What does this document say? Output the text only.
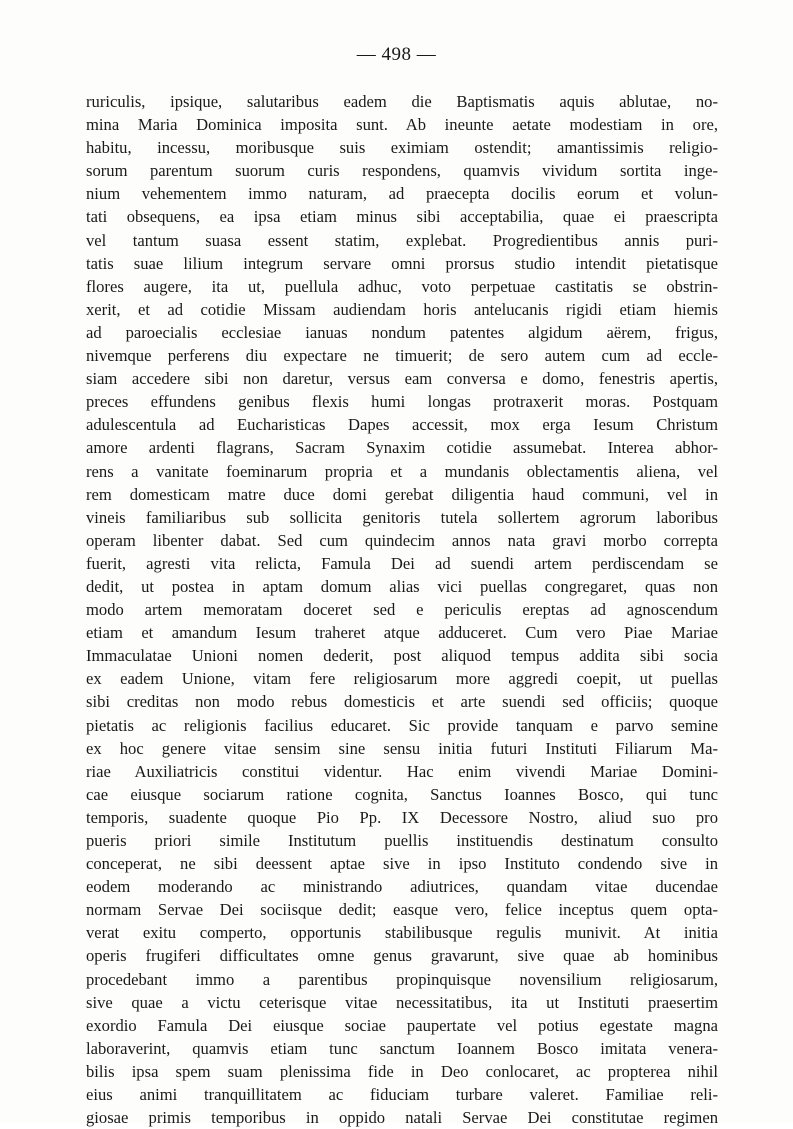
— 498 —
ruriculis, ipsique, salutaribus eadem die Baptismatis aquis ablutae, no-
mina Maria Dominica imposita sunt. Ab ineunte aetate modestiam in ore,
habitu, incessu, moribusque suis eximiam ostendit; amantissimis religio-
sorum parentum suorum curis respondens, quamvis vividum sortita inge-
nium vehementem immo naturam, ad praecepta docilis eorum et volun-
tati obsequens, ea ipsa etiam minus sibi acceptabilia, quae ei praescripta
vel tantum suasa essent statim, explebat. Progredientibus annis puri-
tatis suae lilium integrum servare omni prorsus studio intendit pietatisque
flores augere, ita ut, puellula adhuc, voto perpetuae castitatis se obstrin-
xerit, et ad cotidie Missam audiendam horis antelucanis rigidi etiam hiemis
ad paroecialis ecclesiae ianuas nondum patentes algidum aërem, frigus,
nivemque perferens diu expectare ne timuerit; de sero autem cum ad eccle-
siam accedere sibi non daretur, versus eam conversa e domo, fenestris apertis,
preces effundens genibus flexis humi longas protraxerit moras. Postquam
adulescentula ad Eucharisticas Dapes accessit, mox erga Iesum Christum
amore ardenti flagrans, Sacram Synaxim cotidie assumebat. Interea abhor-
rens a vanitate foeminarum propria et a mundanis oblectamentis aliena, vel
rem domesticam matre duce domi gerebat diligentia haud communi, vel in
vineis familiaribus sub sollicita genitoris tutela sollertem agrorum laboribus
operam libenter dabat. Sed cum quindecim annos nata gravi morbo correpta
fuerit, agresti vita relicta, Famula Dei ad suendi artem perdiscendam se
dedit, ut postea in aptam domum alias vici puellas congregaret, quas non
modo artem memoratam doceret sed e periculis ereptas ad agnoscendum
etiam et amandum Iesum traheret atque adduceret. Cum vero Piae Mariae
Immaculatae Unioni nomen dederit, post aliquod tempus addita sibi socia
ex eadem Unione, vitam fere religiosarum more aggredi coepit, ut puellas
sibi creditas non modo rebus domesticis et arte suendi sed officiis; quoque
pietatis ac religionis facilius educaret. Sic provide tanquam e parvo semine
ex hoc genere vitae sensim sine sensu initia futuri Instituti Filiarum Ma-
riae Auxiliatricis constitui videntur. Hac enim vivendi Mariae Domini-
cae eiusque sociarum ratione cognita, Sanctus Ioannes Bosco, qui tunc
temporis, suadente quoque Pio Pp. IX Decessore Nostro, aliud suo pro
pueris priori simile Institutum puellis instituendis destinatum consulto
conceperat, ne sibi deessent aptae sive in ipso Instituto condendo sive in
eodem moderando ac ministrando adiutrices, quandam vitae ducendae
normam Servae Dei sociisque dedit; easque vero, felice inceptus quem opta-
verat exitu comperto, opportunis stabilibusque regulis munivit. At initia
operis frugiferi difficultates omne genus gravarunt, sive quae ab hominibus
procedebant immo a parentibus propinquisque novensilium religiosarum,
sive quae a victu ceterisque vitae necessitatibus, ita ut Instituti praesertim
exordio Famula Dei eiusque sociae paupertate vel potius egestate magna
laboraverint, quamvis etiam tunc sanctum Ioannem Bosco imitata venera-
bilis ipsa spem suam plenissima fide in Deo conlocaret, ac propterea nihil
eius animi tranquillitatem ac fiduciam turbare valeret. Familiae reli-
giosae primis temporibus in oppido natali Servae Dei constitutae regimen
